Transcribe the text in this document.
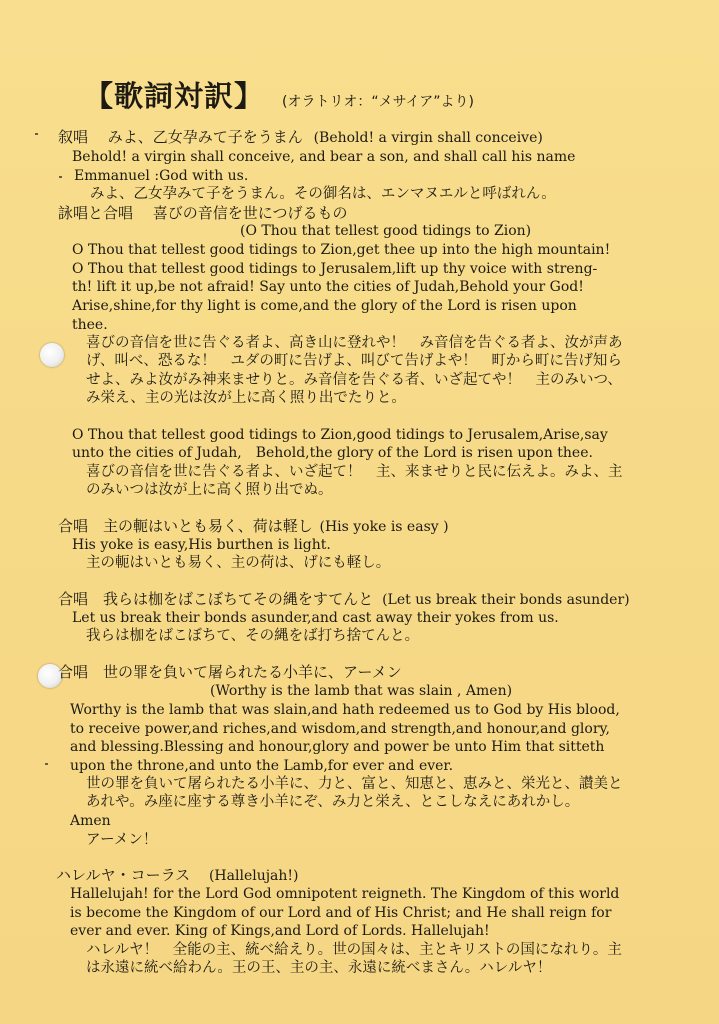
【歌詞対訳】 (オラトリオ：“メサイア”より)
叙唱　 みよ、乙女孕みて子をうまん (Behold! a virgin shall conceive)
Behold! a virgin shall conceive, and bear a son, and shall call his name
Emmanuel :God with us.
みよ、乙女孕みて子をうまん。その御名は、エンマヌエルと呼ばれん。
詠唱と合唱　 喜びの音信を世につげるもの
(O Thou that tellest good tidings to Zion)
O Thou that tellest good tidings to Zion,get thee up into the high mountain!
O Thou that tellest good tidings to Jerusalem,lift up thy voice with streng-
th! lift it up,be not afraid! Say unto the cities of Judah,Behold your God!
Arise,shine,for thy light is come,and the glory of the Lord is risen upon
thee.
喜びの音信を世に告ぐる者よ、高き山に登れや！　み音信を告ぐる者よ、汝が声あ
げ、叫べ、恐るな！　ユダの町に告げよ、叫びて告げよや！　町から町に告げ知ら
せよ、みよ汝がみ神来ませりと。み音信を告ぐる者、いざ起てや！　主のみいつ、
み栄え、主の光は汝が上に高く照り出でたりと。
O Thou that tellest good tidings to Zion,good tidings to Jerusalem,Arise,say
unto the cities of Judah,　Behold,the glory of the Lord is risen upon thee.
喜びの音信を世に告ぐる者よ、いざ起て！　主、来ませりと民に伝えよ。みよ、主
のみいつは汝が上に高く照り出でぬ。
合唱　主の軛はいとも易く、荷は軽し (His yoke is easy )
His yoke is easy,His burthen is light.
主の軛はいとも易く、主の荷は、げにも軽し。
合唱　我らは枷をばこぼちてその縄をすてんと (Let us break their bonds asunder)
Let us break their bonds asunder,and cast away their yokes from us.
我らは枷をばこぼちて、その縄をば打ち捨てんと。
合唱　世の罪を負いて屠られたる小羊に、アーメン
(Worthy is the lamb that was slain , Amen)
Worthy is the lamb that was slain,and hath redeemed us to God by His blood,
to receive power,and riches,and wisdom,and strength,and honour,and glory,
and blessing.Blessing and honour,glory and power be unto Him that sitteth
upon the throne,and unto the Lamb,for ever and ever.
世の罪を負いて屠られたる小羊に、力と、富と、知恵と、恵みと、栄光と、讃美と
あれや。み座に座する尊き小羊にぞ、み力と栄え、とこしなえにあれかし。
Amen
アーメン！
ハレルヤ・コーラス (Hallelujah!)
Hallelujah! for the Lord God omnipotent reigneth. The Kingdom of this world
is become the Kingdom of our Lord and of His Christ; and He shall reign for
ever and ever. King of Kings,and Lord of Lords. Hallelujah!
ハレルヤ！　全能の主、統べ給えり。世の国々は、主とキリストの国になれり。主
は永遠に統べ給わん。王の王、主の主、永遠に統べまさん。ハレルヤ！
